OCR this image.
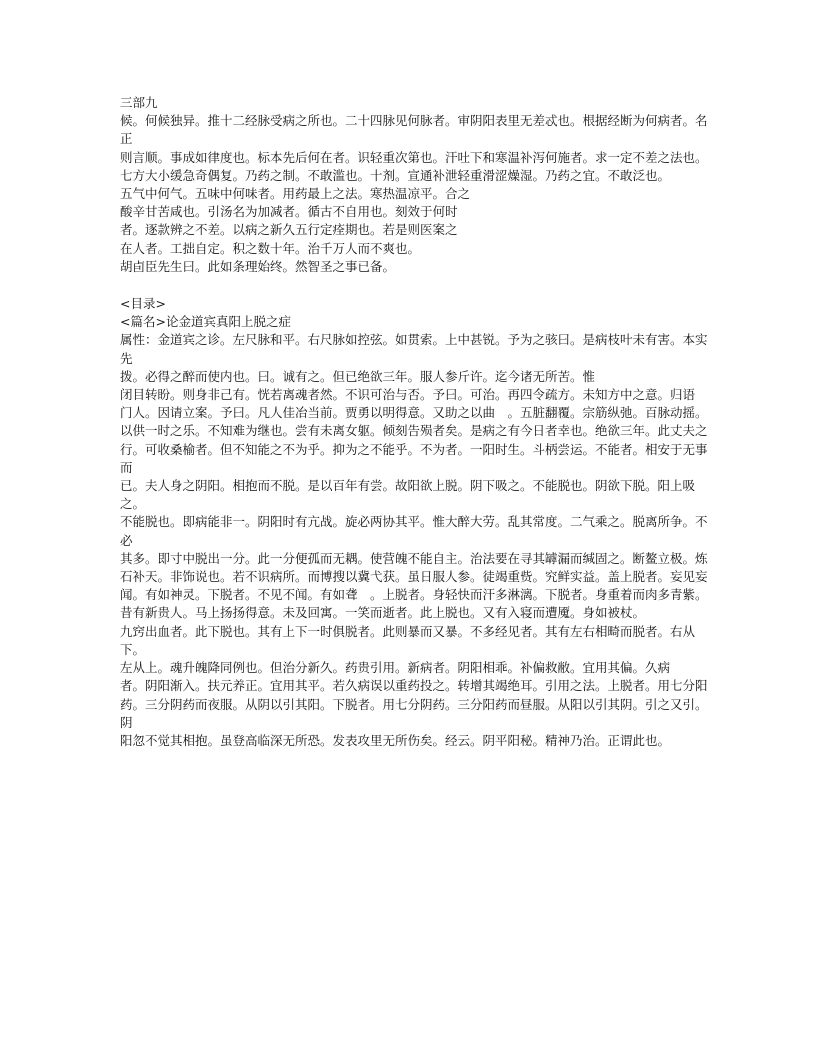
三部九

候。何候独异。推十二经脉受病之所也。二十四脉见何脉者。审阴阳表里无差忒也。根据经断为何病者。名正

则言顺。事成如律度也。标本先后何在者。识轻重次第也。汗吐下和寒温补泻何施者。求一定不差之法也。

七方大小缓急奇偶复。乃药之制。不敢滥也。十剂。宣通补泄轻重滑涩燥湿。乃药之宜。不敢泛也。

五气中何气。五味中何味者。用药最上之法。寒热温凉平。合之

酸辛甘苦咸也。引汤名为加减者。循古不自用也。刻效于何时

者。逐款辨之不差。以病之新久五行定痊期也。若是则医案之

在人者。工拙自定。积之数十年。治千万人而不爽也。

胡卣臣先生曰。此如条理始终。然智圣之事已备。

<目录>

<篇名>论金道宾真阳上脱之症

属性：金道宾之诊。左尺脉和平。右尺脉如控弦。如贯索。上中甚锐。予为之骇曰。是病枝叶未有害。本实先

拨。必得之醉而使内也。曰。诚有之。但已绝欲三年。服人参斤许。迄今诸无所苦。惟

闭目转盼。则身非己有。恍若离魂者然。不识可治与否。予曰。可治。再四令疏方。未知方中之意。归语

门人。因请立案。予曰。凡人佳冶当前。贾勇以明得意。又助之以曲　。五脏翻覆。宗筋纵弛。百脉动摇。

以供一时之乐。不知难为继也。尝有未离女躯。倾刻告殒者矣。是病之有今日者幸也。绝欲三年。此丈夫之

行。可收桑榆者。但不知能之不为乎。抑为之不能乎。不为者。一阳时生。斗柄尝运。不能者。相安于无事而

已。夫人身之阴阳。相抱而不脱。是以百年有尝。故阳欲上脱。阴下吸之。不能脱也。阴欲下脱。阳上吸之。

不能脱也。即病能非一。阴阳时有亢战。旋必两协其平。惟大醉大劳。乱其常度。二气乘之。脱离所争。不必

其多。即寸中脱出一分。此一分便孤而无耦。使营魄不能自主。治法要在寻其罅漏而缄固之。断鳌立极。炼

石补天。非饰说也。若不识病所。而博搜以冀弋获。虽日服人参。徒竭重赀。究鲜实益。盖上脱者。妄见妄

闻。有如神灵。下脱者。不见不闻。有如聋　。上脱者。身轻快而汗多淋漓。下脱者。身重着而肉多青紫。昔有新贵人。马上扬扬得意。未及回寓。一笑而逝者。此上脱也。又有入寝而遭魇。身如被杖。

九窍出血者。此下脱也。其有上下一时俱脱者。此则暴而又暴。不多经见者。其有左右相畸而脱者。右从下。

左从上。魂升魄降同例也。但治分新久。药贵引用。新病者。阴阳相乖。补偏救敝。宜用其偏。久病

者。阴阳渐入。扶元养正。宜用其平。若久病误以重药投之。转增其竭绝耳。引用之法。上脱者。用七分阳

药。三分阴药而夜服。从阴以引其阳。下脱者。用七分阴药。三分阳药而昼服。从阳以引其阴。引之又引。阴

阳忽不觉其相抱。虽登高临深无所恐。发表攻里无所伤矣。经云。阴平阳秘。精神乃治。正谓此也。
